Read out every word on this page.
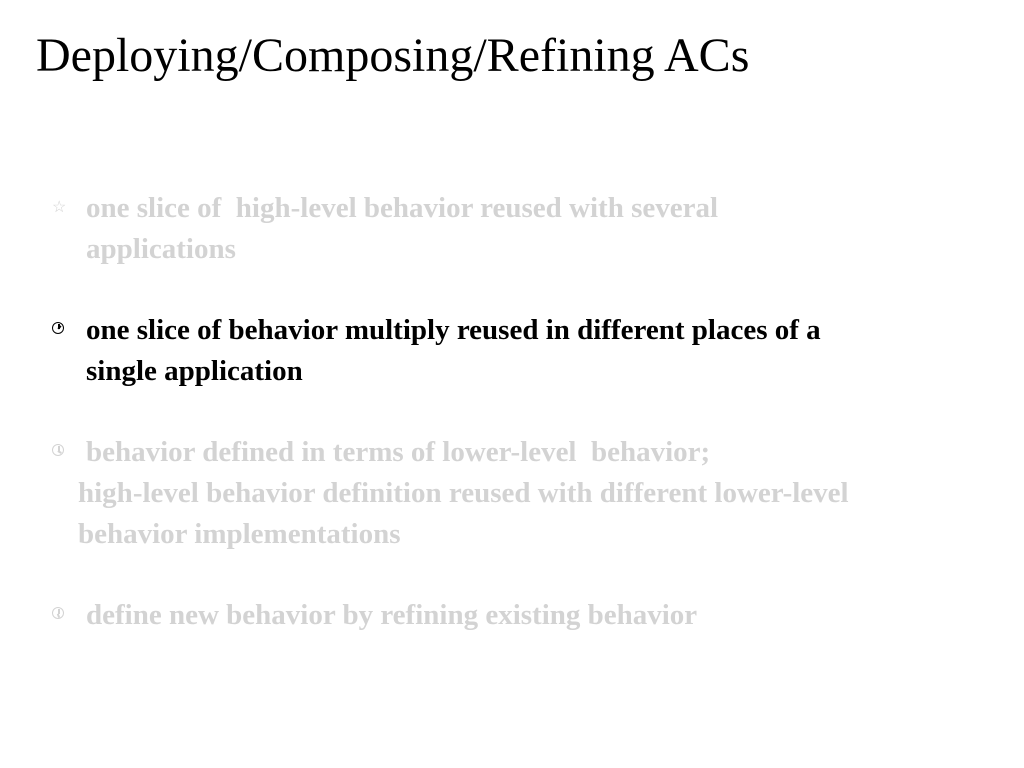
Deploying/Composing/Refining ACs
☆ one slice of  high-level behavior reused with several

applications

one slice of behavior multiply reused in different places of a

single application

behavior defined in terms of lower-level  behavior;

high-level behavior definition reused with different lower-level

behavior implementations

define new behavior by refining existing behavior
